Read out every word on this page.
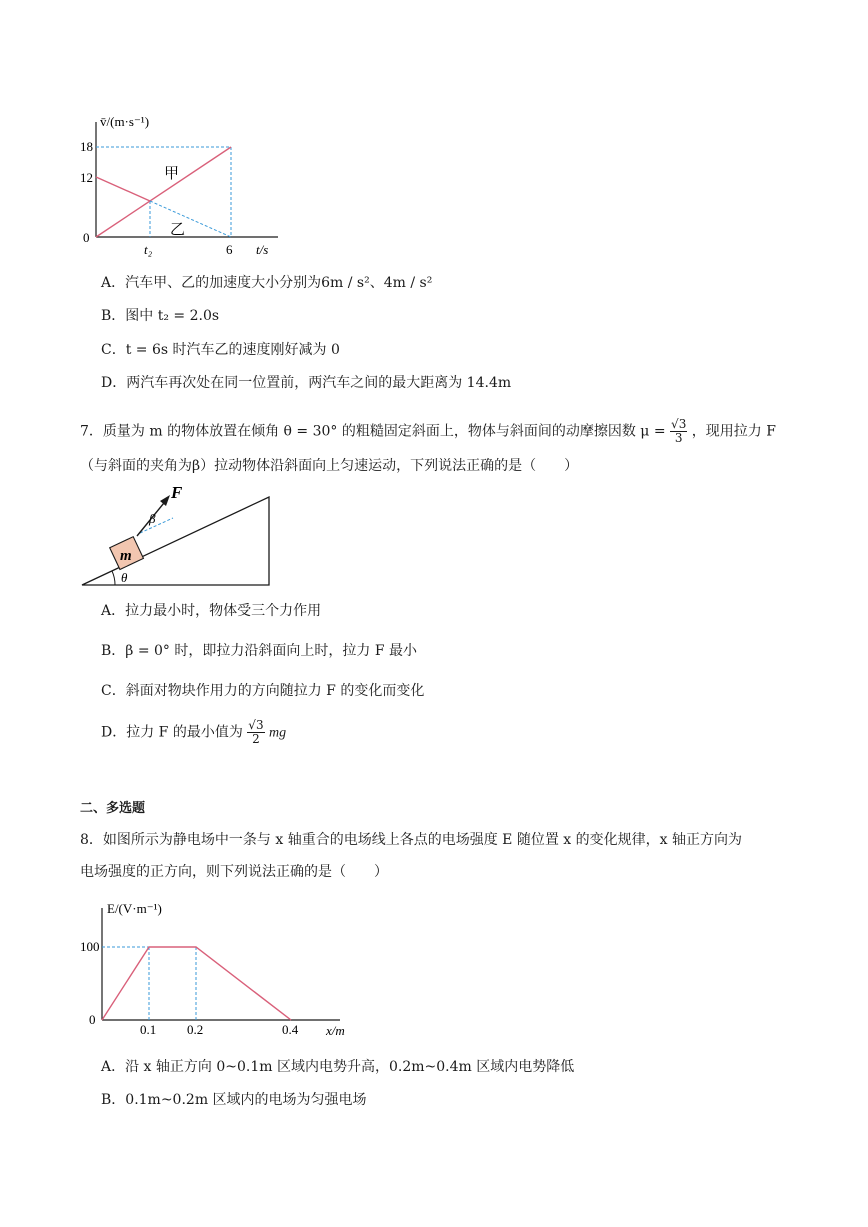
v̄/(m·s⁻¹)
18
12
0
t₂	6 t/s
甲
乙
A．汽车甲、乙的加速度大小分别为6m / s²、4m / s²
B．图中 t₂ = 2.0s
C．t = 6s 时汽车乙的速度刚好减为 0
D．两汽车再次处在同一位置前，两汽车之间的最大距离为 14.4m
7．质量为 m 的物体放置在倾角 θ = 30° 的粗糙固定斜面上，物体与斜面间的动摩擦因数 $\mu = \frac{√3}{3}$ ，现用拉力 F
（与斜面的夹角为β）拉动物体沿斜面向上匀速运动，下列说法正确的是（　　）
F
β
m
θ
A．拉力最小时，物体受三个力作用
B．β = 0° 时，即拉力沿斜面向上时，拉力 F 最小
C．斜面对物块作用力的方向随拉力 F 的变化而变化
D．拉力 F 的最小值为 $\frac{√3}{2}$ mg
二、多选题
8．如图所示为静电场中一条与 x 轴重合的电场线上各点的电场强度 E 随位置 x 的变化规律，x 轴正方向为
电场强度的正方向，则下列说法正确的是（　　）
E/(V·m⁻¹)
100
0
0.1 0.2	0.4 x/m
A．沿 x 轴正方向 0~0.1m 区域内电势升高，0.2m~0.4m 区域内电势降低
B．0.1m~0.2m 区域内的电场为匀强电场
